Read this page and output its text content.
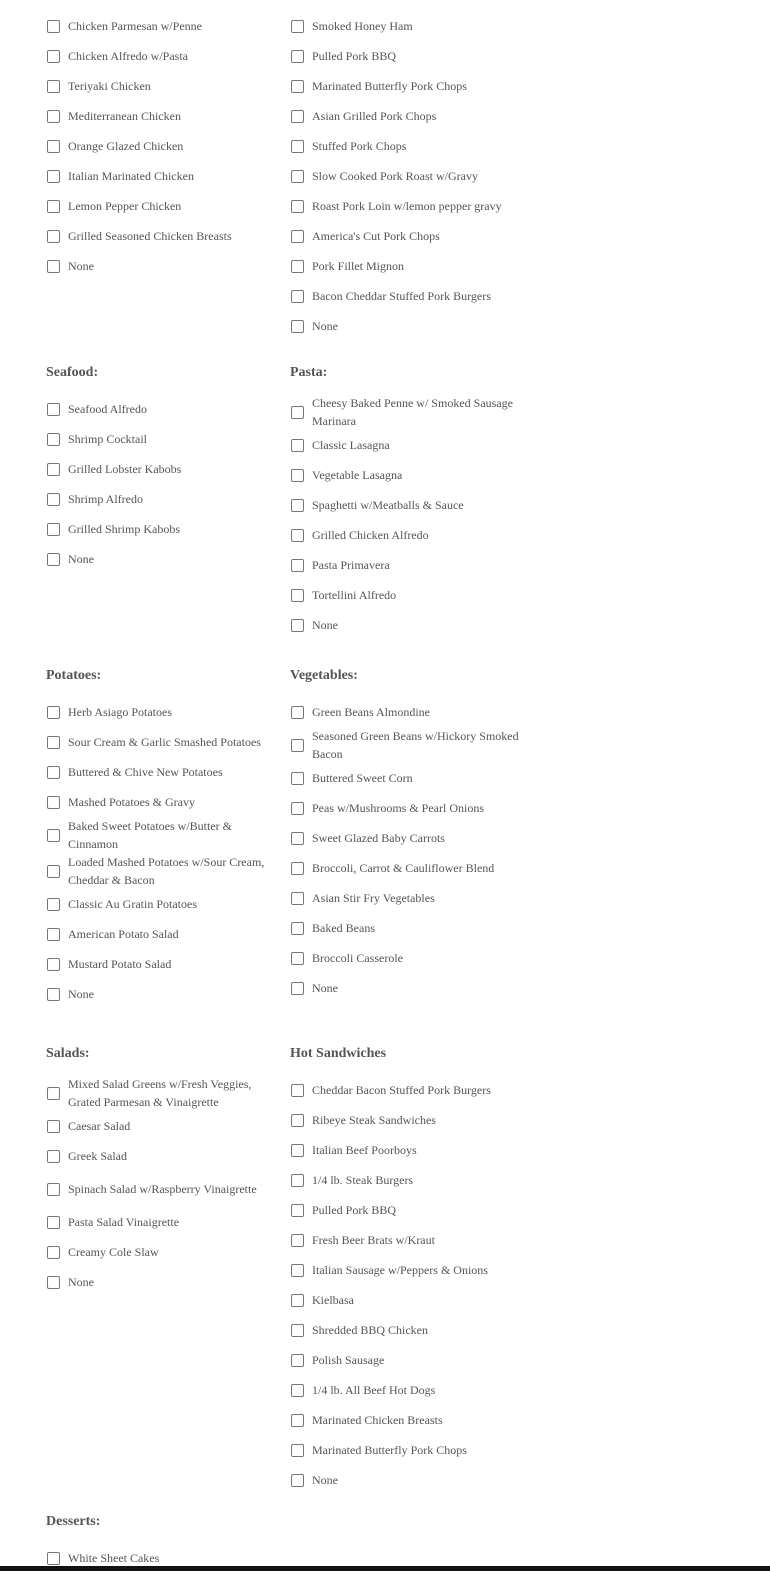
Chicken Parmesan w/Penne
Chicken Alfredo w/Pasta
Teriyaki Chicken
Mediterranean Chicken
Orange Glazed Chicken
Italian Marinated Chicken
Lemon Pepper Chicken
Grilled Seasoned Chicken Breasts
None
Seafood:
Seafood Alfredo
Shrimp Cocktail
Grilled Lobster Kabobs
Shrimp Alfredo
Grilled Shrimp Kabobs
None
Potatoes:
Herb Asiago Potatoes
Sour Cream & Garlic Smashed Potatoes
Buttered & Chive New Potatoes
Mashed Potatoes & Gravy
Baked Sweet Potatoes w/Butter & Cinnamon
Loaded Mashed Potatoes w/Sour Cream, Cheddar & Bacon
Classic Au Gratin Potatoes
American Potato Salad
Mustard Potato Salad
None
Salads:
Mixed Salad Greens w/Fresh Veggies, Grated Parmesan & Vinaigrette
Caesar Salad
Greek Salad
Spinach Salad w/Raspberry Vinaigrette
Pasta Salad Vinaigrette
Creamy Cole Slaw
None
Desserts:
White Sheet Cakes
Smoked Honey Ham
Pulled Pork BBQ
Marinated Butterfly Pork Chops
Asian Grilled Pork Chops
Stuffed Pork Chops
Slow Cooked Pork Roast w/Gravy
Roast Pork Loin w/lemon pepper gravy
America's Cut Pork Chops
Pork Fillet Mignon
Bacon Cheddar Stuffed Pork Burgers
None
Pasta:
Cheesy Baked Penne w/ Smoked Sausage Marinara
Classic Lasagna
Vegetable Lasagna
Spaghetti w/Meatballs & Sauce
Grilled Chicken Alfredo
Pasta Primavera
Tortellini Alfredo
None
Vegetables:
Green Beans Almondine
Seasoned Green Beans w/Hickory Smoked Bacon
Buttered Sweet Corn
Peas w/Mushrooms & Pearl Onions
Sweet Glazed Baby Carrots
Broccoli, Carrot & Cauliflower Blend
Asian Stir Fry Vegetables
Baked Beans
Broccoli Casserole
None
Hot Sandwiches
Cheddar Bacon Stuffed Pork Burgers
Ribeye Steak Sandwiches
Italian Beef Poorboys
1/4 lb. Steak Burgers
Pulled Pork BBQ
Fresh Beer Brats w/Kraut
Italian Sausage w/Peppers & Onions
Kielbasa
Shredded BBQ Chicken
Polish Sausage
1/4 lb. All Beef Hot Dogs
Marinated Chicken Breasts
Marinated Butterfly Pork Chops
None
